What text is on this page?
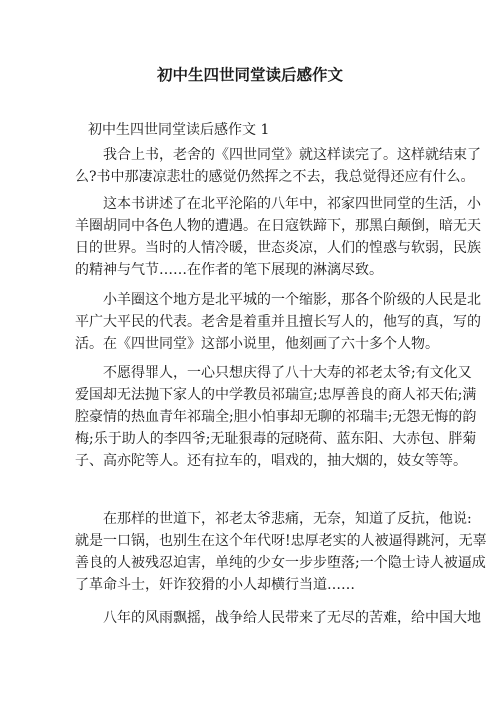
初中生四世同堂读后感作文
初中生四世同堂读后感作文 1
我合上书，老舍的《四世同堂》就这样读完了。这样就结束了
么?书中那凄凉悲壮的感觉仍然挥之不去，我总觉得还应有什么。
这本书讲述了在北平沦陷的八年中，祁家四世同堂的生活，小
羊圈胡同中各色人物的遭遇。在日寇铁蹄下，那黑白颠倒，暗无天
日的世界。当时的人情冷暖，世态炎凉，人们的惶惑与软弱，民族
的精神与气节……在作者的笔下展现的淋漓尽致。
小羊圈这个地方是北平城的一个缩影，那各个阶级的人民是北
平广大平民的代表。老舍是着重并且擅长写人的，他写的真，写的
活。在《四世同堂》这部小说里，他刻画了六十多个人物。
不愿得罪人，一心只想庆得了八十大寿的祁老太爷;有文化又
爱国却无法抛下家人的中学教员祁瑞宣;忠厚善良的商人祁天佑;满
腔豪情的热血青年祁瑞全;胆小怕事却无聊的祁瑞丰;无怨无悔的韵
梅;乐于助人的李四爷;无耻狠毒的冠晓荷、蓝东阳、大赤包、胖菊
子、高亦陀等人。还有拉车的，唱戏的，抽大烟的，妓女等等。
在那样的世道下，祁老太爷悲痛，无奈，知道了反抗，他说:
就是一口锅，也别生在这个年代呀!忠厚老实的人被逼得跳河，无辜
善良的人被残忍迫害，单纯的少女一步步堕落;一个隐士诗人被逼成
了革命斗士，奸诈狡猾的小人却横行当道……
八年的风雨飘摇，战争给人民带来了无尽的苦难，给中国大地
